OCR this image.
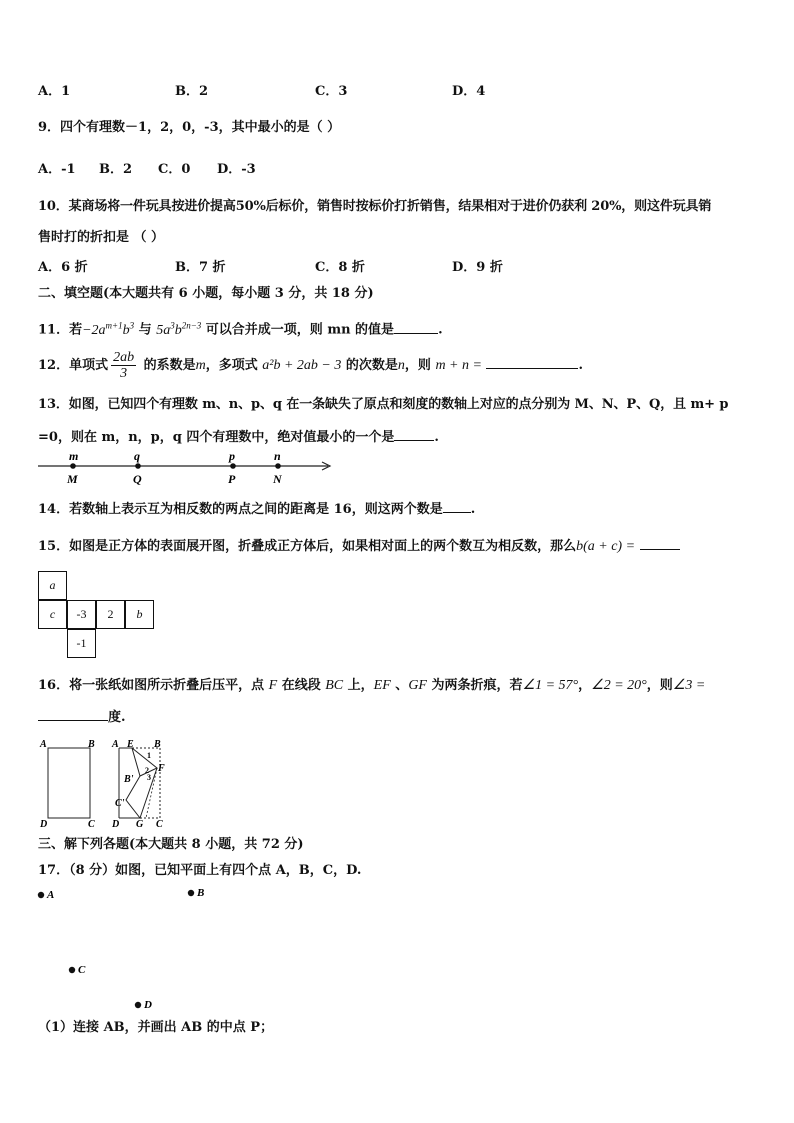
A．1	B．2	C．3	D．4
9．四个有理数－1，2，0，-3，其中最小的是（ ）
A．-1 B．2 C．0 D．-3
10．某商场将一件玩具按进价提高50%后标价，销售时按标价打折销售，结果相对于进价仍获利 20%，则这件玩具销
售时打的折扣是 （ ）
A．6 折	B．7 折	C．8 折	D．9 折
二、填空题(本大题共有 6 小题，每小题 3 分，共 18 分)
11．若$-2a^{m+1}b^3$ 与 $5a^3b^{2n-3}$ 可以合并成一项，则 mn 的值是	.
12．单项式 $\frac{2ab}{3}$ 的系数是m，多项式 a²b + 2ab − 3 的次数是n，则 m + n =	.
13．如图，已知四个有理数 m、n、p、q 在一条缺失了原点和刻度的数轴上对应的点分别为 M、N、P、Q，且 m+ p
=0，则在 m，n，p，q 四个有理数中，绝对值最小的一个是	.
m	q	p	n
M	Q	P	N
14．若数轴上表示互为相反数的两点之间的距离是 16，则这两个数是 .
15．如图是正方体的表面展开图，折叠成正方体后，如果相对面上的两个数互为相反数，那么b(a + c) =
a
c	-3	2	b
-1
16．将一张纸如图所示折叠后压平，点 F 在线段 BC 上，EF 、GF 为两条折痕，若∠1 = 57°，∠2 = 20°，则∠3 =
度.
A	B
D	C
A E B
B'
1
2
3
F
C'
D G C
三、解下列各题(本大题共 8 小题，共 72 分)
17．（8 分）如图，已知平面上有四个点 A，B，C，D.
A	B
C
D
（1）连接 AB，并画出 AB 的中点 P；
